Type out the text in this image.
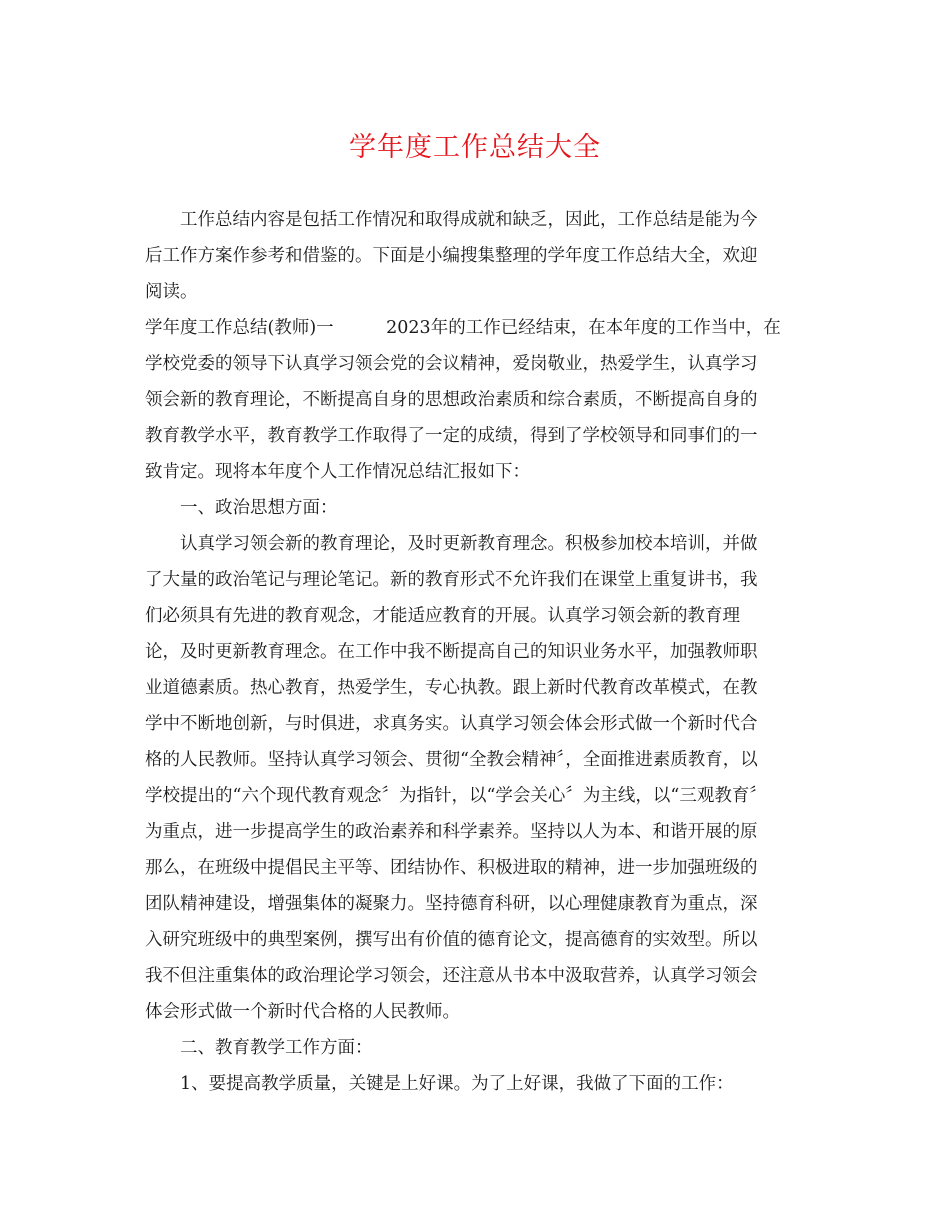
学年度工作总结大全
　　工作总结内容是包括工作情况和取得成就和缺乏，因此，工作总结是能为今
后工作方案作参考和借鉴的。下面是小编搜集整理的学年度工作总结大全，欢迎
阅读。
学年度工作总结(教师)一　　　2023年的工作已经结束，在本年度的工作当中，在
学校党委的领导下认真学习领会党的会议精神，爱岗敬业，热爱学生，认真学习
领会新的教育理论，不断提高自身的思想政治素质和综合素质，不断提高自身的
教育教学水平，教育教学工作取得了一定的成绩，得到了学校领导和同事们的一
致肯定。现将本年度个人工作情况总结汇报如下：
　　一、政治思想方面：
　　认真学习领会新的教育理论，及时更新教育理念。积极参加校本培训，并做
了大量的政治笔记与理论笔记。新的教育形式不允许我们在课堂上重复讲书，我
们必须具有先进的教育观念，才能适应教育的开展。认真学习领会新的教育理
论，及时更新教育理念。在工作中我不断提高自己的知识业务水平，加强教师职
业道德素质。热心教育，热爱学生，专心执教。跟上新时代教育改革模式，在教
学中不断地创新，与时俱进，求真务实。认真学习领会体会形式做一个新时代合
格的人民教师。坚持认真学习领会、贯彻“全教会精神〞，全面推进素质教育，以
学校提出的“六个现代教育观念〞为指针，以“学会关心〞为主线，以“三观教育〞
为重点，进一步提高学生的政治素养和科学素养。坚持以人为本、和谐开展的原
那么，在班级中提倡民主平等、团结协作、积极进取的精神，进一步加强班级的
团队精神建设，增强集体的凝聚力。坚持德育科研，以心理健康教育为重点，深
入研究班级中的典型案例，撰写出有价值的德育论文，提高德育的实效型。所以
我不但注重集体的政治理论学习领会，还注意从书本中汲取营养，认真学习领会
体会形式做一个新时代合格的人民教师。
　　二、教育教学工作方面：
　　1、要提高教学质量，关键是上好课。为了上好课，我做了下面的工作：
